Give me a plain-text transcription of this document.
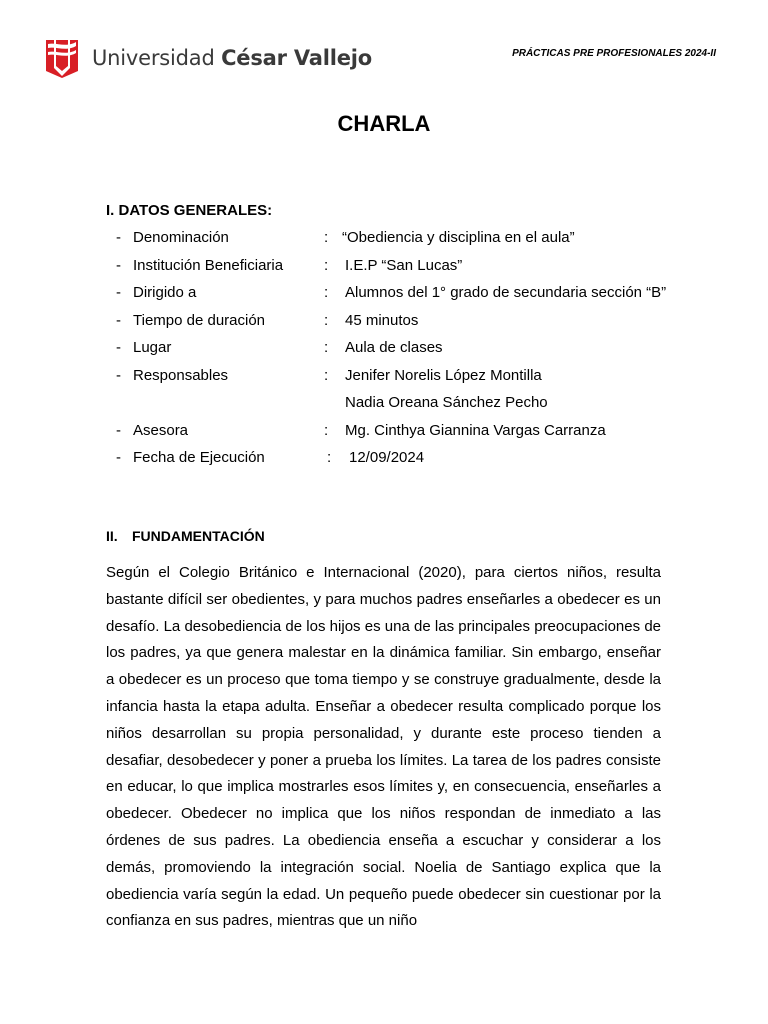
Universidad César Vallejo	PRÁCTICAS PRE PROFESIONALES 2024-II
CHARLA
I. DATOS GENERALES:
- Denominación	: “Obediencia y disciplina en el aula”
- Institución Beneficiaria	: I.E.P “San Lucas”
- Dirigido a	: Alumnos del 1° grado de secundaria sección “B”
- Tiempo de duración	: 45 minutos
- Lugar	: Aula de clases
- Responsables	: Jenifer Norelis López Montilla
Nadia Oreana Sánchez Pecho
- Asesora	: Mg. Cinthya Giannina Vargas Carranza
- Fecha de Ejecución	: 12/09/2024
II. FUNDAMENTACIÓN
Según el Colegio Británico e Internacional (2020), para ciertos niños, resulta bastante difícil ser obedientes, y para muchos padres enseñarles a obedecer es un desafío. La desobediencia de los hijos es una de las principales preocupaciones de los padres, ya que genera malestar en la dinámica familiar. Sin embargo, enseñar a obedecer es un proceso que toma tiempo y se construye gradualmente, desde la infancia hasta la etapa adulta. Enseñar a obedecer resulta complicado porque los niños desarrollan su propia personalidad, y durante este proceso tienden a desafiar, desobedecer y poner a prueba los límites. La tarea de los padres consiste en educar, lo que implica mostrarles esos límites y, en consecuencia, enseñarles a obedecer. Obedecer no implica que los niños respondan de inmediato a las órdenes de sus padres. La obediencia enseña a escuchar y considerar a los demás, promoviendo la integración social. Noelia de Santiago explica que la obediencia varía según la edad. Un pequeño puede obedecer sin cuestionar por la confianza en sus padres, mientras que un niño
